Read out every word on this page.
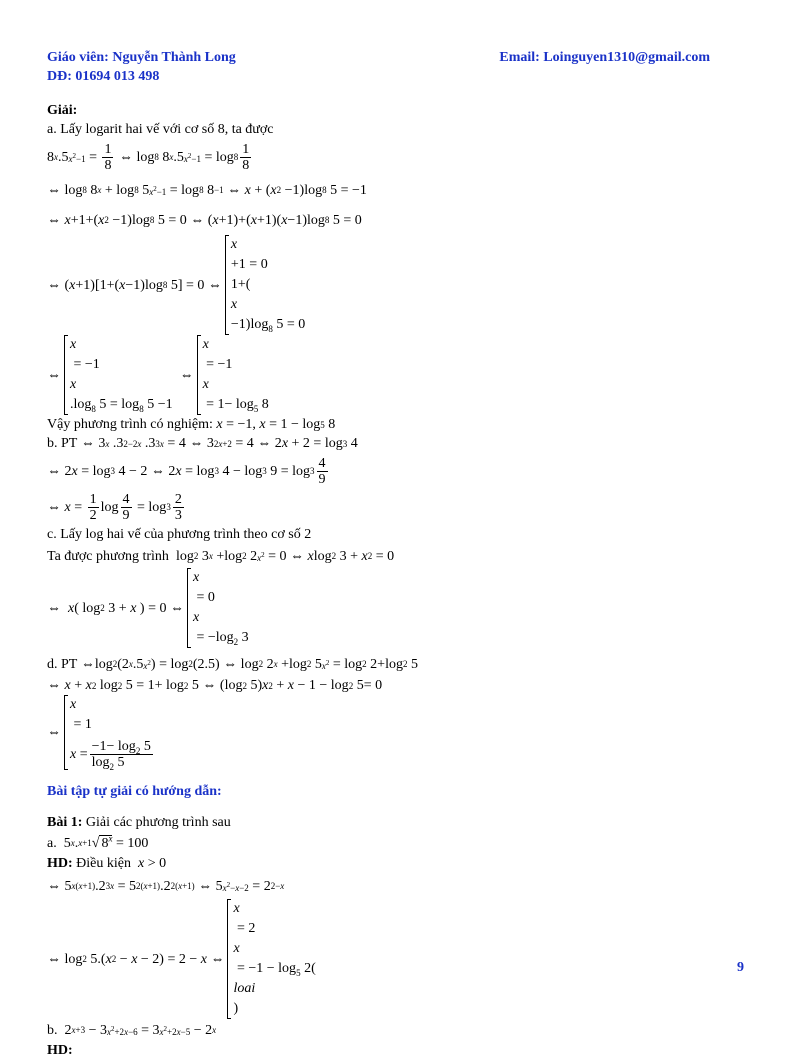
Giáo viên: Nguyễn Thành Long	Email: Loinguyen1310@gmail.com
DĐ: 01694 013 498
Giải:
a. Lấy logarit hai vế với cơ số 8, ta được
8 x .5 $x^2-1 = \frac{1}{8}$ ⇔ log 8 8 x .5 $x^2-1 = \log 8 \frac{1}{8}$
⇔ log 8 8 x + log 8 5 $x^2-1 = \log 8$ 8 −1 ⇔ x + ( x 2 −1)log 8 5 = −1
⇔ x +1+( x 2 −1)log 8 5 = 0 ⇔ ( x +1)+( x +1)( x −1)log 8 5 = 0
⇔ ( x +1)[1+( x −1)log 8 5] = 0 ⇔
x
+1 = 0
1+(
x
$-1)\log_8$ 5 = 0
⇔
x
= −1
x
$.\log_8$ $5 = \log_8 5 -1$
⇔
x
= −1
x
= $1- \log_5 8$
Vậy phương trình có nghiệm:
x = −1, x = 1 − log 5 8
b. PT ⇔ 3 x .3 2−2x .3 3x = 4 ⇔ 3 2x+2 = 4 ⇔ 2 x + 2 = log 3 4
⇔ 2 x = log 3 4 − 2 ⇔ 2 x = log 3 4 − log 3 $9 = \log 3 \frac{4}{9}$
⇔ $x = \frac{1}{2}$ $\log \frac{4}{9} = \log 3 \frac{2}{3}$
c. Lấy log hai vế của phương trình theo cơ số 2
Ta được phương trình log 2 3 x +log 2 2 $x^2 = 0$ ⇔ x log 2 3 + x 2 = 0
⇔ x ( log 2 3 + x ) = 0 ⇔
x
= 0
x
= $-\log_2$ 3
d. PT ⇔log 2 (2 x .5 $x^2$ ) = log 2 (2.5) ⇔ log 2 2 x +log 2 5 $x^2 = \log 2$ 2+log 2 5
⇔ x + x 2 log 2 5 = 1+ log 2 5 ⇔ (log 2 5) x 2 + x − 1 − log 2 5= 0
⇔
x
= 1
$x = \frac{-1- \log_2 5}{\log_2 5}$
Bài tập tự giải có hướng dẫn:
Bài 1:
Giải các phương trình sau
a. 5 x . x+1 √ $8^x = 100$
HD:
Điều kiện
x > 0
⇔ 5 x(x+1) .2 3x = 5 2(x+1) .2 2(x+1) ⇔ 5 $x^2-x-2 = 2$ 2−x
⇔ log 2 5.( x 2 − x − 2) = 2 − x ⇔
x
= 2
x
= $-1 - \log_5 2$(
loai
)
b. 2 x+3 − 3 $x^2+2x-6 = 3$ $x^2+2x-5 - 2$ x
HD:
9
